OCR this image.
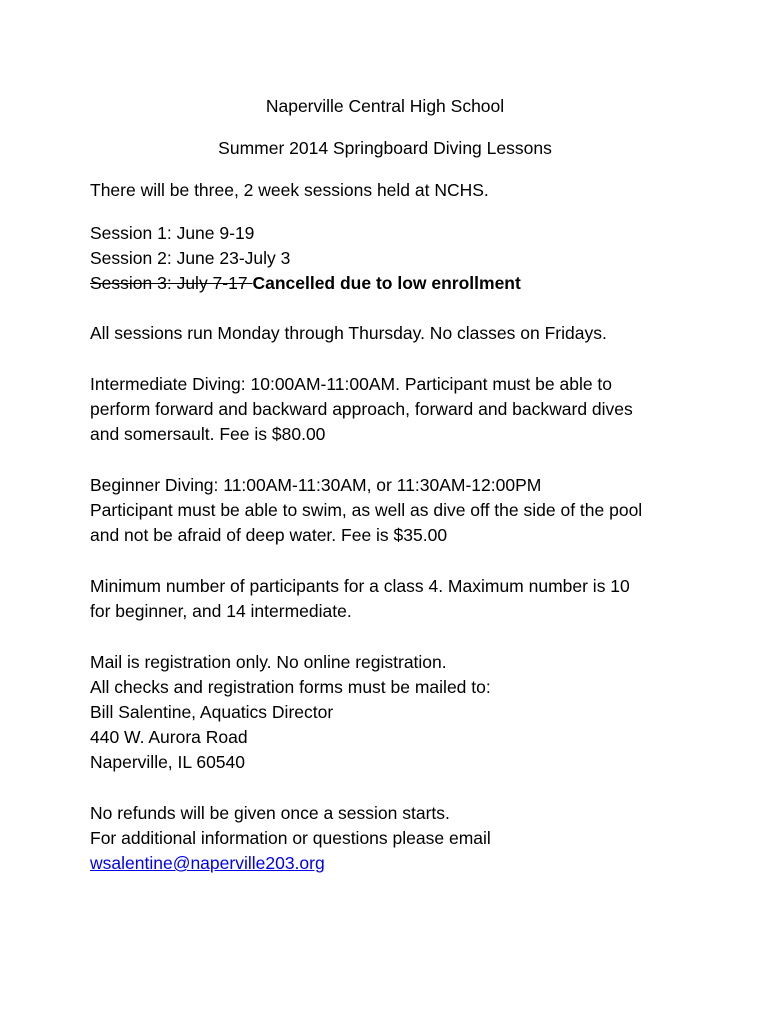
Naperville Central High School
Summer 2014 Springboard Diving Lessons
There will be three, 2 week sessions held at NCHS.
Session 1: June 9-19
Session 2: June 23-July 3
Session 3: July 7-17 Cancelled due to low enrollment
All sessions run Monday through Thursday. No classes on Fridays.
Intermediate Diving: 10:00AM-11:00AM. Participant must be able to
perform forward and backward approach, forward and backward dives
and somersault. Fee is $80.00
Beginner Diving: 11:00AM-11:30AM, or 11:30AM-12:00PM
Participant must be able to swim, as well as dive off the side of the pool
and not be afraid of deep water. Fee is $35.00
Minimum number of participants for a class 4. Maximum number is 10
for beginner, and 14 intermediate.
Mail is registration only. No online registration.
All checks and registration forms must be mailed to:
Bill Salentine, Aquatics Director
440 W. Aurora Road
Naperville, IL 60540
No refunds will be given once a session starts.
For additional information or questions please email
wsalentine@naperville203.org
